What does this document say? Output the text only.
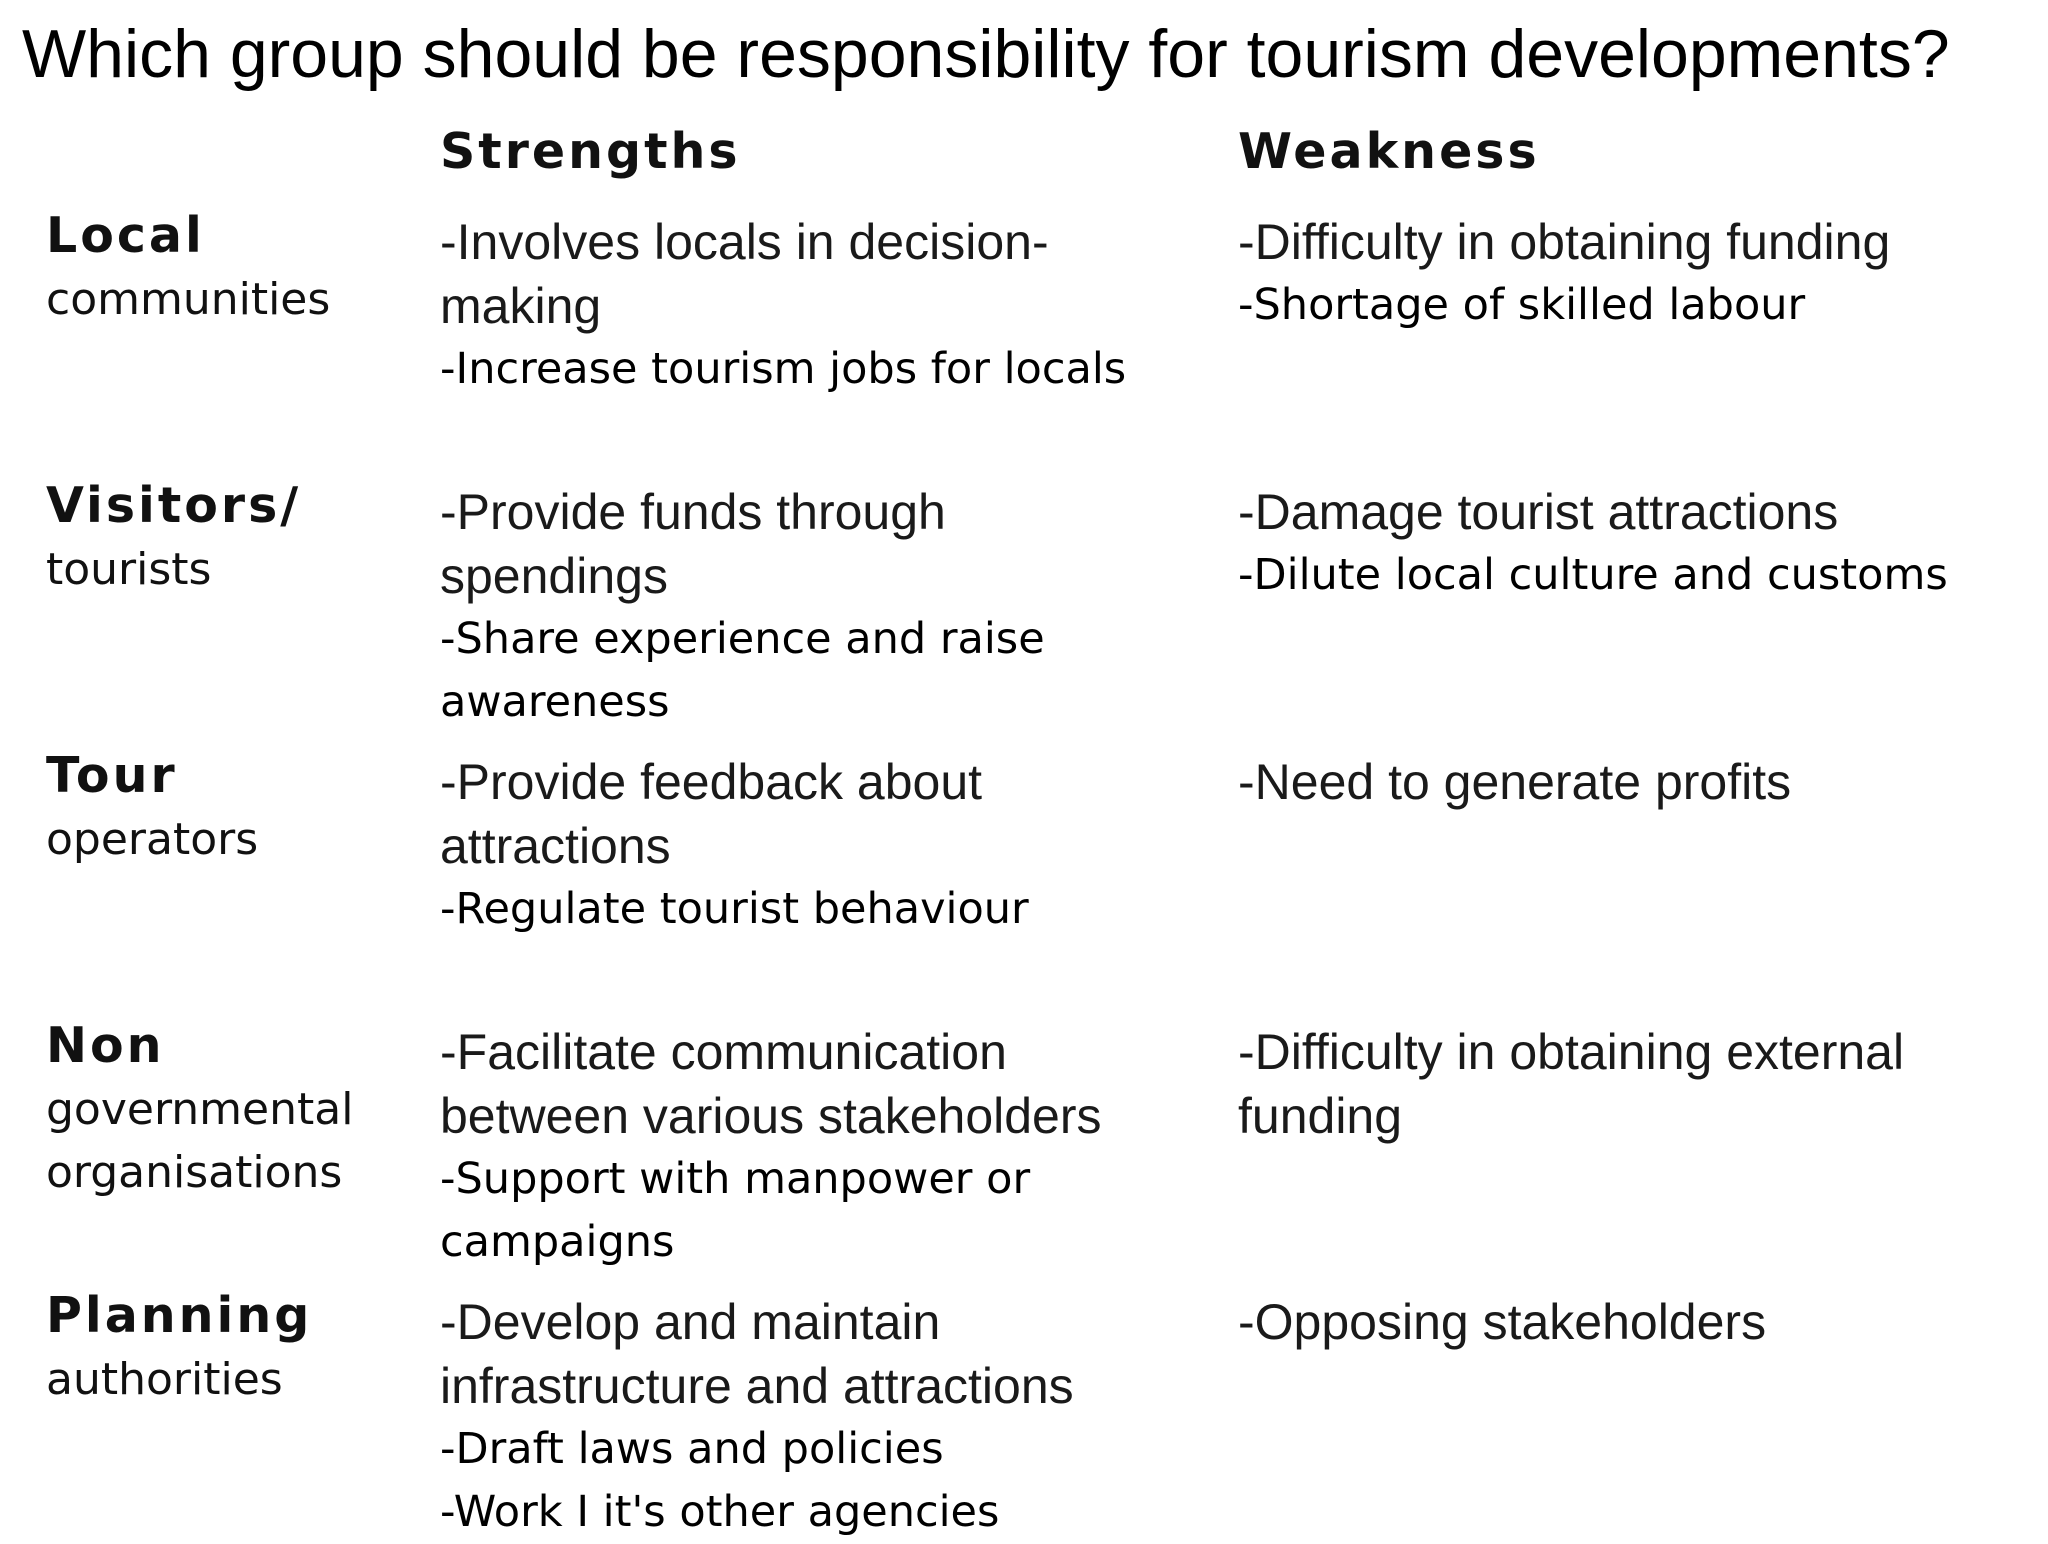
Which group should be responsibility for tourism developments?
Strengths	Weakness
Local
communities
-Involves locals in decision-
making
-Increase tourism jobs for locals
-Difficulty in obtaining funding
-Shortage of skilled labour
Visitors/
tourists
-Provide funds through
spendings
-Share experience and raise
awareness
-Damage tourist attractions
-Dilute local culture and customs
Tour
operators
-Provide feedback about
attractions
-Regulate tourist behaviour
-Need to generate profits
Non
governmental
organisations
-Facilitate communication
between various stakeholders
-Support with manpower or
campaigns
-Difficulty in obtaining external
funding
Planning
authorities
-Develop and maintain
infrastructure and attractions
-Draft laws and policies
-Work I it's other agencies
-Opposing stakeholders
